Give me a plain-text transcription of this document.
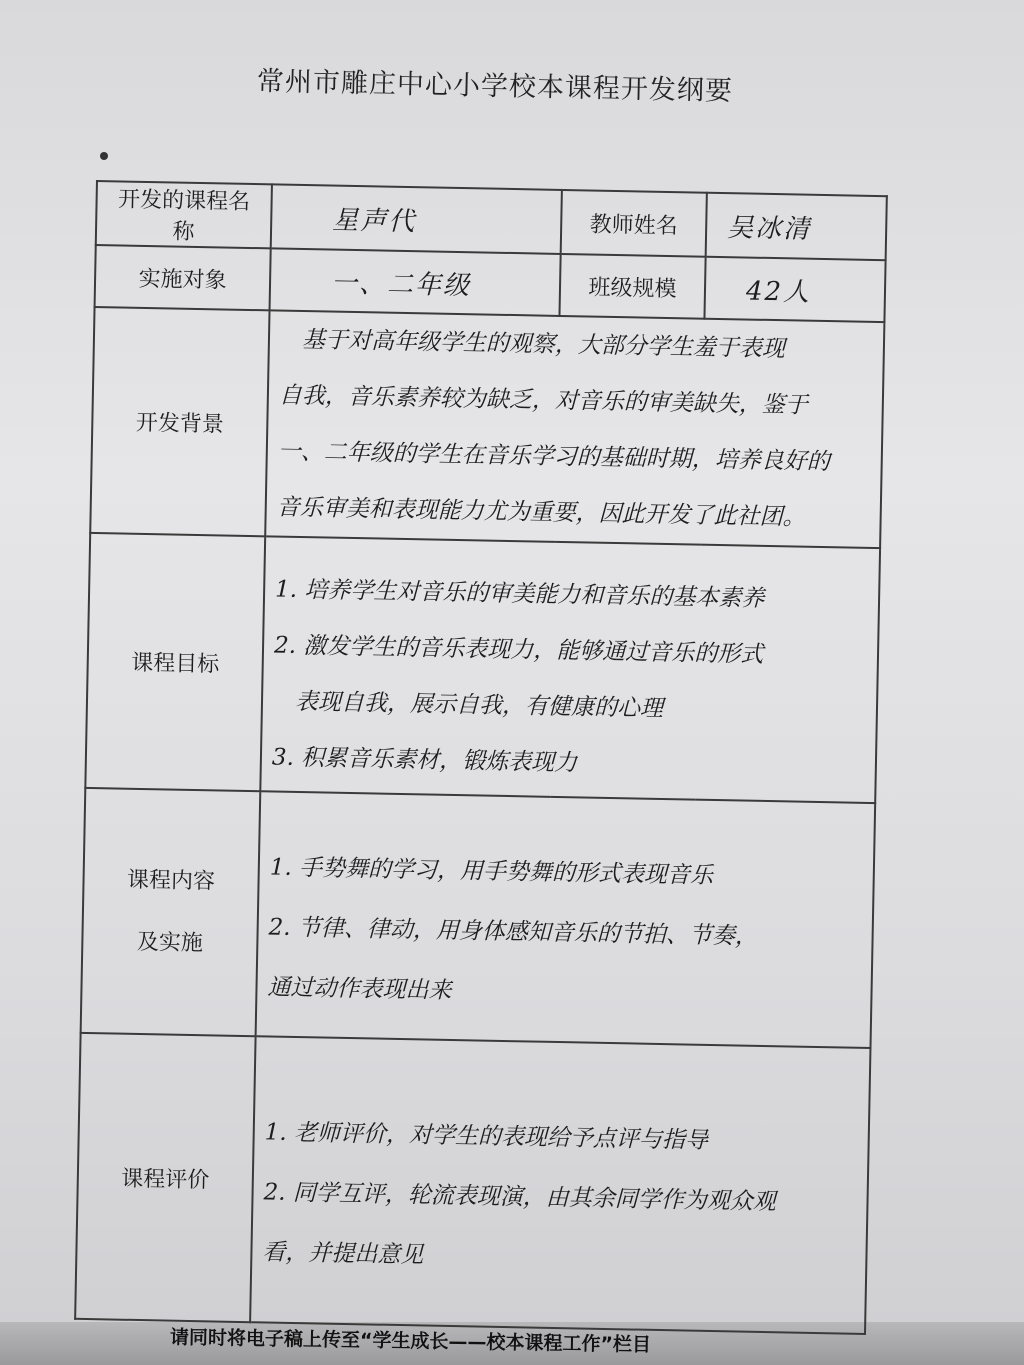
常州市雕庄中心小学校本课程开发纲要
开发的课程名称	星声代	教师姓名	吴冰清
实施对象	一、二年级	班级规模	42人
开发背景	基于对高年级学生的观察，大部分学生羞于表现
自我，音乐素养较为缺乏，对音乐的审美缺失，鉴于
一、二年级的学生在音乐学习的基础时期，培养良好的
音乐审美和表现能力尤为重要，因此开发了此社团。		

课程目标	1. 培养学生对音乐的审美能力和音乐的基本素养
2. 激发学生的音乐表现力，能够通过音乐的形式
表现自我，展示自我，有健康的心理
3. 积累音乐素材，锻炼表现力		

课程内容
及实施	1. 手势舞的学习，用手势舞的形式表现音乐
2. 节律、律动，用身体感知音乐的节拍、节奏，
通过动作表现出来		

课程评价	1. 老师评价，对学生的表现给予点评与指导
2. 同学互评，轮流表现演，由其余同学作为观众观
看，并提出意见		
请同时将电子稿上传至“学生成长——校本课程工作”栏目
